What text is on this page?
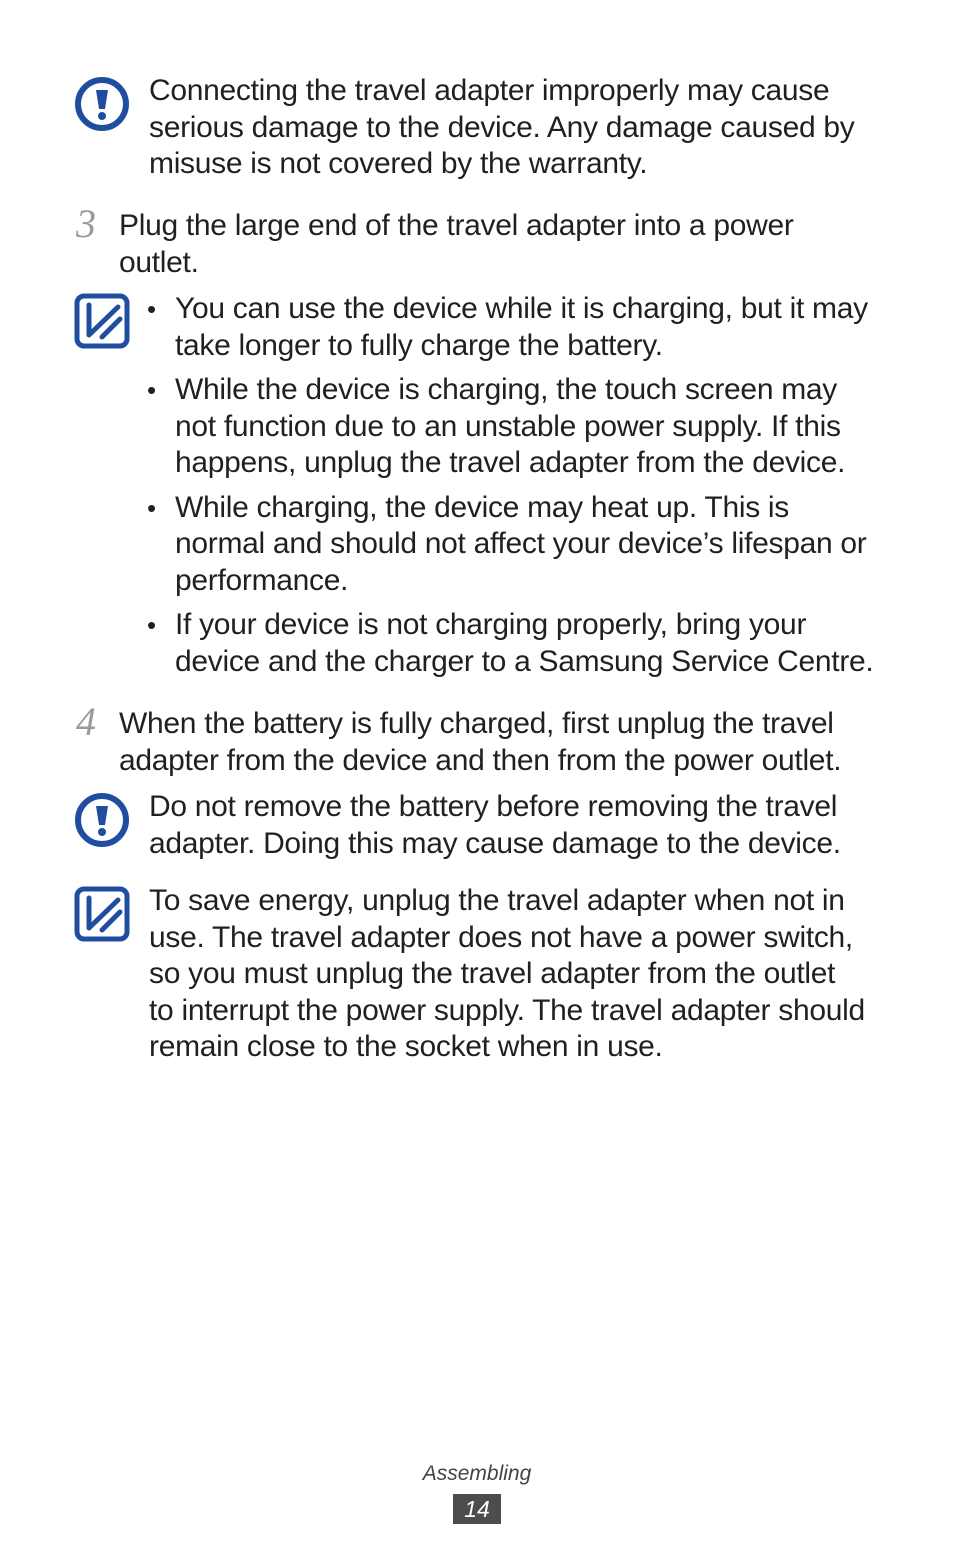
Connecting the travel adapter improperly may cause
serious damage to the device. Any damage caused by
misuse is not covered by the warranty.
3 Plug the large end of the travel adapter into a power
outlet.
• You can use the device while it is charging, but it may
take longer to fully charge the battery.
• While the device is charging, the touch screen may
not function due to an unstable power supply. If this
happens, unplug the travel adapter from the device.
• While charging, the device may heat up. This is
normal and should not affect your device’s lifespan or
performance.
• If your device is not charging properly, bring your
device and the charger to a Samsung Service Centre.
4 When the battery is fully charged, first unplug the travel
adapter from the device and then from the power outlet.
Do not remove the battery before removing the travel
adapter. Doing this may cause damage to the device.
To save energy, unplug the travel adapter when not in
use. The travel adapter does not have a power switch,
so you must unplug the travel adapter from the outlet
to interrupt the power supply. The travel adapter should
remain close to the socket when in use.
Assembling
14
